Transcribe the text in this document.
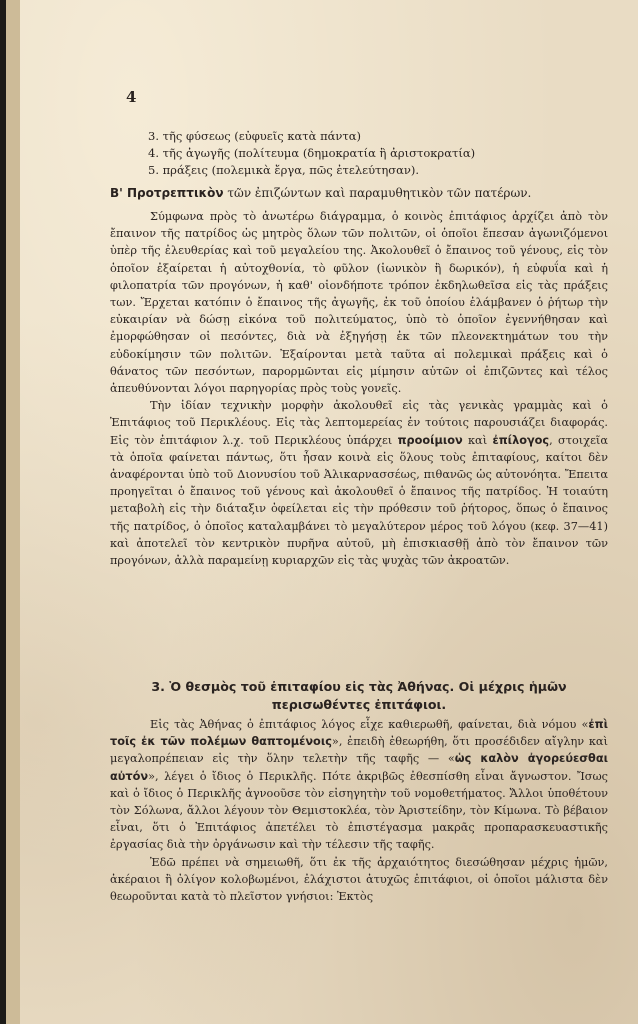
4
3. τῆς φύσεως (εὐφυεῖς κατὰ πάντα)
4. τῆς ἀγωγῆς (πολίτευμα (δημοκρατία ἢ ἀριστοκρατία)
5. πράξεις (πολεμικὰ ἔργα, πῶς ἐτελεύτησαν).
Β' Προτρεπτικὸν τῶν ἐπιζώντων καὶ παραμυθητικὸν τῶν πατέρων.

Σύμφωνα πρὸς τὸ ἀνωτέρω διάγραμμα, ὁ κοινὸς ἐπιτάφιος ἀρχίζει ἀπὸ τὸν ἔπαινον τῆς πατρίδος ὡς μητρὸς ὅλων τῶν πολιτῶν, οἱ ὁποῖοι ἔπεσαν ἀγωνιζόμενοι ὑπὲρ τῆς ἐλευθερίας καὶ τοῦ μεγαλείου της. Ἀκολουθεῖ ὁ ἔπαινος τοῦ γένους, εἰς τὸν ὁποῖον ἐξαίρεται ἡ αὐτοχθονία, τὸ φῦλον (ἰωνικὸν ἢ δωρικόν), ἡ εὐφυΐα καὶ ἡ φιλοπατρία τῶν προγόνων, ἡ καθ' οἱονδήποτε τρόπον ἐκδηλωθεῖσα εἰς τὰς πράξεις των. Ἔρχεται κατόπιν ὁ ἔπαινος τῆς ἀγωγῆς, ἐκ τοῦ ὁποίου ἐλάμβανεν ὁ ῥήτωρ τὴν εὐκαιρίαν νὰ δώσῃ εἰκόνα τοῦ πολιτεύματος, ὑπὸ τὸ ὁποῖον ἐγεννήθησαν καὶ ἐμορφώθησαν οἱ πεσόντες, διὰ νὰ ἐξηγήσῃ ἐκ τῶν πλεονεκτημάτων του τὴν εὐδοκίμησιν τῶν πολιτῶν. Ἐξαίρονται μετὰ ταῦτα αἱ πολεμικαὶ πράξεις καὶ ὁ θάνατος τῶν πεσόντων, παρορμῶνται εἰς μίμησιν αὐτῶν οἱ ἐπιζῶντες καὶ τέλος ἀπευθύνονται λόγοι παρηγορίας πρὸς τοὺς γονεῖς.

Τὴν ἰδίαν τεχνικὴν μορφὴν ἀκολουθεῖ εἰς τὰς γενικὰς γραμμὰς καὶ ὁ Ἐπιτάφιος τοῦ Περικλέους. Εἰς τὰς λεπτομερείας ἐν τούτοις παρουσιάζει διαφοράς. Εἰς τὸν ἐπιτάφιον λ.χ. τοῦ Περικλέους ὑπάρχει προοίμιον καὶ ἐπίλογος, στοιχεῖα τὰ ὁποῖα φαίνεται πάντως, ὅτι ἦσαν κοινὰ εἰς ὅλους τοὺς ἐπιταφίους, καίτοι δὲν ἀναφέρονται ὑπὸ τοῦ Διονυσίου τοῦ Ἀλικαρνασσέως, πιθανῶς ὡς αὐτονόητα. Ἔπειτα προηγεῖται ὁ ἔπαινος τοῦ γένους καὶ ἀκολουθεῖ ὁ ἔπαινος τῆς πατρίδος. Ἡ τοιαύτη μεταβολὴ εἰς τὴν διάταξιν ὀφείλεται εἰς τὴν πρόθεσιν τοῦ ῥήτορος, ὅπως ὁ ἔπαινος τῆς πατρίδος, ὁ ὁποῖος καταλαμβάνει τὸ μεγαλύτερον μέρος τοῦ λόγου (κεφ. 37—41) καὶ ἀποτελεῖ τὸν κεντρικὸν πυρῆνα αὐτοῦ, μὴ ἐπισκιασθῇ ἀπὸ τὸν ἔπαινον τῶν προγόνων, ἀλλὰ παραμείνῃ κυριαρχῶν εἰς τὰς ψυχὰς τῶν ἀκροατῶν.

3. Ὁ θεσμὸς τοῦ ἐπιταφίου εἰς τὰς Ἀθήνας. Οἱ μέχρις ἡμῶν περισωθέντες ἐπιτάφιοι.

Εἰς τὰς Ἀθήνας ὁ ἐπιτάφιος λόγος εἶχε καθιερωθῆ, φαίνεται, διὰ νόμου «ἐπὶ τοῖς ἐκ τῶν πολέμων θαπτομένοις», ἐπειδὴ ἐθεωρήθη, ὅτι προσέδιδεν αἴγλην καὶ μεγαλοπρέπειαν εἰς τὴν ὅλην τελετὴν τῆς ταφῆς — «ὡς καλὸν ἀγορεύεσθαι αὐτόν», λέγει ὁ ἴδιος ὁ Περικλῆς. Πότε ἀκριβῶς ἐθεσπίσθη εἶναι ἄγνωστον. Ἴσως καὶ ὁ ἴδιος ὁ Περικλῆς ἀγνοοῦσε τὸν εἰσηγητὴν τοῦ νομοθετήματος. Ἄλλοι ὑποθέτουν τὸν Σόλωνα, ἄλλοι λέγουν τὸν Θεμιστοκλέα, τὸν Ἀριστείδην, τὸν Κίμωνα. Τὸ βέβαιον εἶναι, ὅτι ὁ Ἐπιτάφιος ἀπετέλει τὸ ἐπιστέγασμα μακρᾶς προπαρασκευαστικῆς ἐργασίας διὰ τὴν ὀργάνωσιν καὶ τὴν τέλεσιν τῆς ταφῆς.

Ἐδῶ πρέπει νὰ σημειωθῆ, ὅτι ἐκ τῆς ἀρχαιότητος διεσώθησαν μέχρις ἡμῶν, ἀκέραιοι ἢ ὀλίγον κολοβωμένοι, ἐλάχιστοι ἀτυχῶς ἐπιτάφιοι, οἱ ὁποῖοι μάλιστα δὲν θεωροῦνται κατὰ τὸ πλεῖστον γνήσιοι: Ἐκτὸς
